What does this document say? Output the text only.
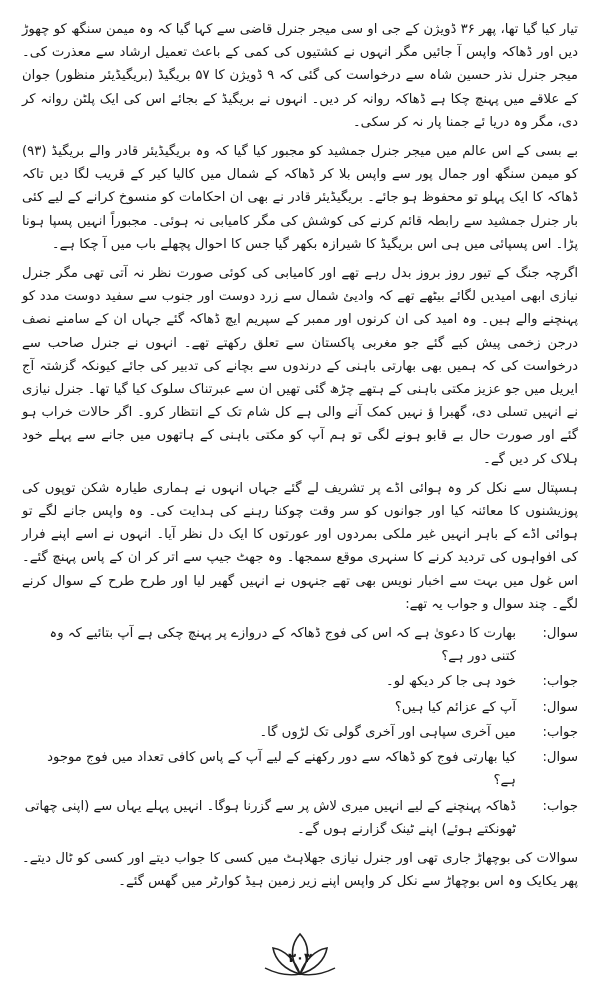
تیار کیا گیا تھا، پھر ۳۶ ڈویژن کے جی او سی میجر جنرل قاضی سے کہا گیا کہ وہ میمن سنگھ کو چھوڑ دیں اور ڈھاکہ واپس آ جائیں مگر انہوں نے کشتیوں کی کمی کے باعث تعمیل ارشاد سے معذرت کی۔ میجر جنرل نذر حسین شاہ سے درخواست کی گئی کہ ۹ ڈویژن کا ۵۷ بریگیڈ (بریگیڈیئر منظور) جوان کے علاقے میں پہنچ چکا ہے ڈھاکہ روانہ کر دیں۔ انہوں نے بریگیڈ کے بجائے اس کی ایک پلٹن روانہ کر دی، مگر وہ دریا ئے جمنا پار نہ کر سکی۔

بے بسی کے اس عالم میں میجر جنرل جمشید کو مجبور کیا گیا کہ وہ بریگیڈیئر قادر والے بریگیڈ (۹۳) کو میمن سنگھ اور جمال پور سے واپس بلا کر ڈھاکہ کے شمال میں کالیا کیر کے قریب لگا دیں تاکہ ڈھاکہ کا ایک پہلو تو محفوظ ہو جائے۔ بریگیڈیئر قادر نے بھی ان احکامات کو منسوخ کرانے کے لیے کئی بار جنرل جمشید سے رابطہ قائم کرنے کی کوشش کی مگر کامیابی نہ ہوئی۔ مجبوراً انہیں پسپا ہونا پڑا۔ اس پسپائی میں ہی اس بریگیڈ کا شیرازہ بکھر گیا جس کا احوال پچھلے باب میں آ چکا ہے۔

اگرچہ جنگ کے تیور روز بروز بدل رہے تھے اور کامیابی کی کوئی صورت نظر نہ آتی تھی مگر جنرل نیازی ابھی امیدیں لگائے بیٹھے تھے کہ وادیئ شمال سے زرد دوست اور جنوب سے سفید دوست مدد کو پہنچنے والے ہیں۔ وہ امید کی ان کرنوں اور ممبر کے سپریم ایچ ڈھاکہ گئے جہاں ان کے سامنے نصف درجن زخمی پیش کیے گئے جو مغربی پاکستان سے تعلق رکھتے تھے۔ انہوں نے جنرل صاحب سے درخواست کی کہ ہمیں بھی بھارتی باہنی کے درندوں سے بچانے کی تدبیر کی جائے کیونکہ گزشتہ آج ایریل میں جو عزیز مکتی باہنی کے ہتھے چڑھ گئی تھیں ان سے عبرتناک سلوک کیا گیا تھا۔ جنرل نیازی نے انہیں تسلی دی، گھبرا ؤ نہیں کمک آنے والی ہے کل شام تک کے انتظار کرو۔ اگر حالات خراب ہو گئے اور صورت حال بے قابو ہونے لگی تو ہم آپ کو مکتی باہنی کے ہاتھوں میں جانے سے پہلے خود ہلاک کر دیں گے۔

ہسپتال سے نکل کر وہ ہوائی اڈے پر تشریف لے گئے جہاں انہوں نے ہماری طیارہ شکن توپوں کی پوزیشنوں کا معائنہ کیا اور جوانوں کو سر وقت چوکنا رہنے کی ہدایت کی۔ وہ واپس جانے لگے تو ہوائی اڈے کے باہر انہیں غیر ملکی بمردوں اور عورتوں کا ایک دل نظر آیا۔ انہوں نے اسے اپنے فرار کی افواہوں کی تردید کرنے کا سنہری موقع سمجھا۔ وہ جھٹ جیپ سے اتر کر ان کے پاس پہنچ گئے۔ اس غول میں بہت سے اخبار نویس بھی تھے جنہوں نے انہیں گھیر لیا اور طرح طرح کے سوال کرنے لگے۔ چند سوال و جواب یہ تھے:

سوال:
بھارت کا دعویٰ ہے کہ اس کی فوج ڈھاکہ کے دروازے پر پہنچ چکی ہے آپ بتائیے کہ وہ کتنی دور ہے؟
جواب:
خود ہی جا کر دیکھ لو۔
سوال:
آپ کے عزائم کیا ہیں؟
جواب:
میں آخری سپاہی اور آخری گولی تک لڑوں گا۔
سوال:
کیا بھارتی فوج کو ڈھاکہ سے دور رکھنے کے لیے آپ کے پاس کافی تعداد میں فوج موجود ہے؟
جواب:
ڈھاکہ پہنچنے کے لیے انہیں میری لاش پر سے گزرنا ہوگا۔ انہیں پہلے یہاں سے (اپنی چھاتی ٹھونکتے ہوئے) اپنے ٹینک گزارنے ہوں گے۔

سوالات کی بوچھاڑ جاری تھی اور جنرل نیازی جھلاہٹ میں کسی کا جواب دیتے اور کسی کو ٹال دیتے۔ پھر یکایک وہ اس بوچھاڑ سے نکل کر واپس اپنے زیر زمین ہیڈ کوارٹر میں گھس گئے۔

۳۰۳
